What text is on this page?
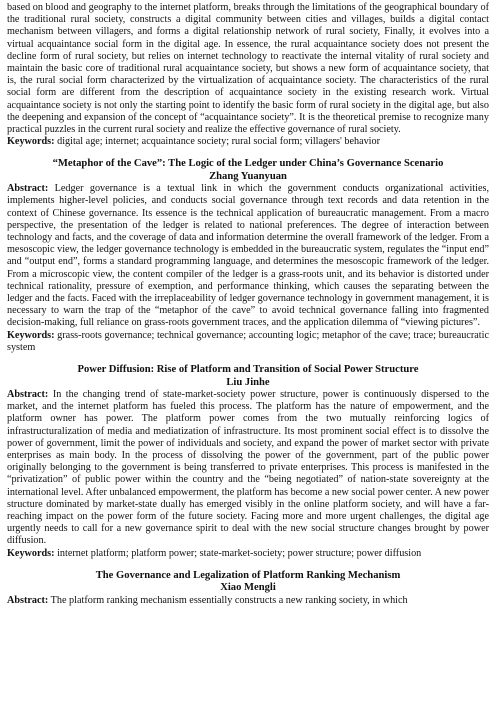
based on blood and geography to the internet platform, breaks through the limitations of the geographical boundary of the traditional rural society, constructs a digital community between cities and villages, builds a digital contact mechanism between villagers, and forms a digital relationship network of rural society, Finally, it evolves into a virtual acquaintance social form in the digital age. In essence, the rural acquaintance society does not present the decline form of rural society, but relies on internet technology to reactivate the internal vitality of rural society and maintain the basic core of traditional rural acquaintance society, but shows a new form of acquaintance society, that is, the rural social form characterized by the virtualization of acquaintance society. The characteristics of the rural social form are different from the description of acquaintance society in the existing research work. Virtual acquaintance society is not only the starting point to identify the basic form of rural society in the digital age, but also the deepening and expansion of the concept of “acquaintance society”. It is the theoretical premise to recognize many practical puzzles in the current rural society and realize the effective governance of rural society.

Keywords: digital age; internet; acquaintance society; rural social form; villagers' behavior

“Metaphor of the Cave”: The Logic of the Ledger under China’s Governance Scenario
Zhang Yuanyuan

Abstract: Ledger governance is a textual link in which the government conducts organizational activities, implements higher-level policies, and conducts social governance through text records and data retention in the context of Chinese governance. Its essence is the technical application of bureaucratic management. From a macro perspective, the presentation of the ledger is related to national preferences. The degree of interaction between technology and facts, and the coverage of data and information determine the overall framework of the ledger. From a mesoscopic view, the ledger governance technology is embedded in the bureaucratic system, regulates the “input end” and “output end”, forms a standard programming language, and determines the mesoscopic framework of the ledger. From a microscopic view, the content compiler of the ledger is a grass-roots unit, and its behavior is distorted under technical rationality, pressure of exemption, and performance thinking, which causes the separating between the ledger and the facts. Faced with the irreplaceability of ledger governance technology in government management, it is necessary to warn the trap of the “metaphor of the cave” to avoid technical governance falling into fragmented decision-making, full reliance on grass-roots government traces, and the application dilemma of “viewing pictures”.

Keywords: grass-roots governance; technical governance; accounting logic; metaphor of the cave; trace; bureaucratic system

Power Diffusion: Rise of Platform and Transition of Social Power Structure
Liu Jinhe

Abstract: In the changing trend of state-market-society power structure, power is continuously dispersed to the market, and the internet platform has fueled this process. The platform has the nature of empowerment, and the platform owner has power. The platform power comes from the two mutually reinforcing logics of infrastructuralization of media and mediatization of infrastructure. Its most prominent social effect is to dissolve the power of government, limit the power of individuals and society, and expand the power of market sector with private enterprises as main body. In the process of dissolving the power of the government, part of the public power originally belonging to the government is being transferred to private enterprises. This process is manifested in the “privatization” of public power within the country and the “being negotiated” of nation-state sovereignty at the international level. After unbalanced empowerment, the platform has become a new social power center. A new power structure dominated by market-state dually has emerged visibly in the online platform society, and will have a far-reaching impact on the power form of the future society. Facing more and more urgent challenges, the digital age urgently needs to call for a new governance spirit to deal with the new social structure changes brought by power diffusion.

Keywords: internet platform; platform power; state-market-society; power structure; power diffusion

The Governance and Legalization of Platform Ranking Mechanism
Xiao Mengli

Abstract: The platform ranking mechanism essentially constructs a new ranking society, in which
